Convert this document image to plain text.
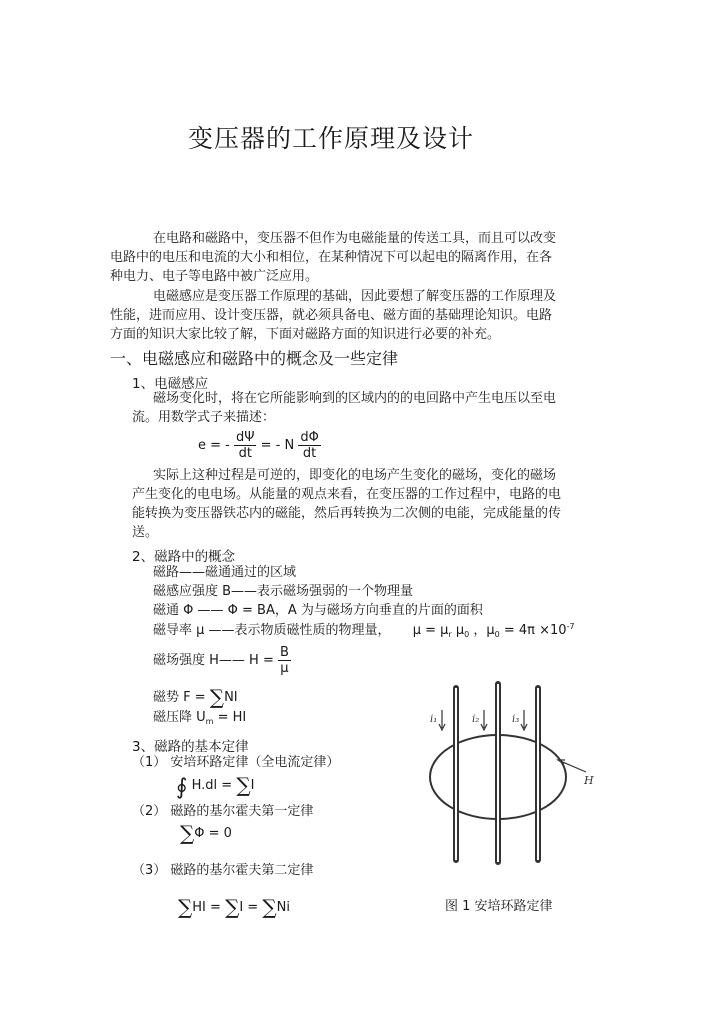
变压器的工作原理及设计
在电路和磁路中，变压器不但作为电磁能量的传送工具，而且可以改变
电路中的电压和电流的大小和相位，在某种情况下可以起电的隔离作用，在各
种电力、电子等电路中被广泛应用。
电磁感应是变压器工作原理的基础，因此要想了解变压器的工作原理及
性能，进而应用、设计变压器，就必须具备电、磁方面的基础理论知识。电路
方面的知识大家比较了解，下面对磁路方面的知识进行必要的补充。
一、电磁感应和磁路中的概念及一些定律
1、电磁感应
磁场变化时，将在它所能影响到的区域内的的电回路中产生电压以至电
流。用数学式子来描述：
e = - $\frac{d\Psi}{dt}$ = - N $\frac{d\Phi}{dt}$
实际上这种过程是可逆的，即变化的电场产生变化的磁场，变化的磁场
产生变化的电电场。从能量的观点来看，在变压器的工作过程中，电路的电
能转换为变压器铁芯内的磁能，然后再转换为二次侧的电能，完成能量的传
送。
2、磁路中的概念
磁路——磁通通过的区域
磁感应强度 B——表示磁场强弱的一个物理量
磁通 Φ —— Φ = BA，A 为与磁场方向垂直的片面的面积
磁导率 μ ——表示物质磁性质的物理量， $\mu = \mu_r$ $\mu_0$ ，$\mu_0 = 4\pi \times 10^{-7}$
磁场强度 H—— $H = \frac{B}{\mu}$
磁势 F = ∑NI
磁压降 $U_m$ = HI
3、磁路的基本定律
（1） 安培环路定律（全电流定律）
∮ H.dl = ∑I
（2） 磁路的基尔霍夫第一定律
∑Φ = 0
（3） 磁路的基尔霍夫第二定律
∑HI = ∑I = ∑Ni
i₁	i₂	i₃
H
图 1 安培环路定律
